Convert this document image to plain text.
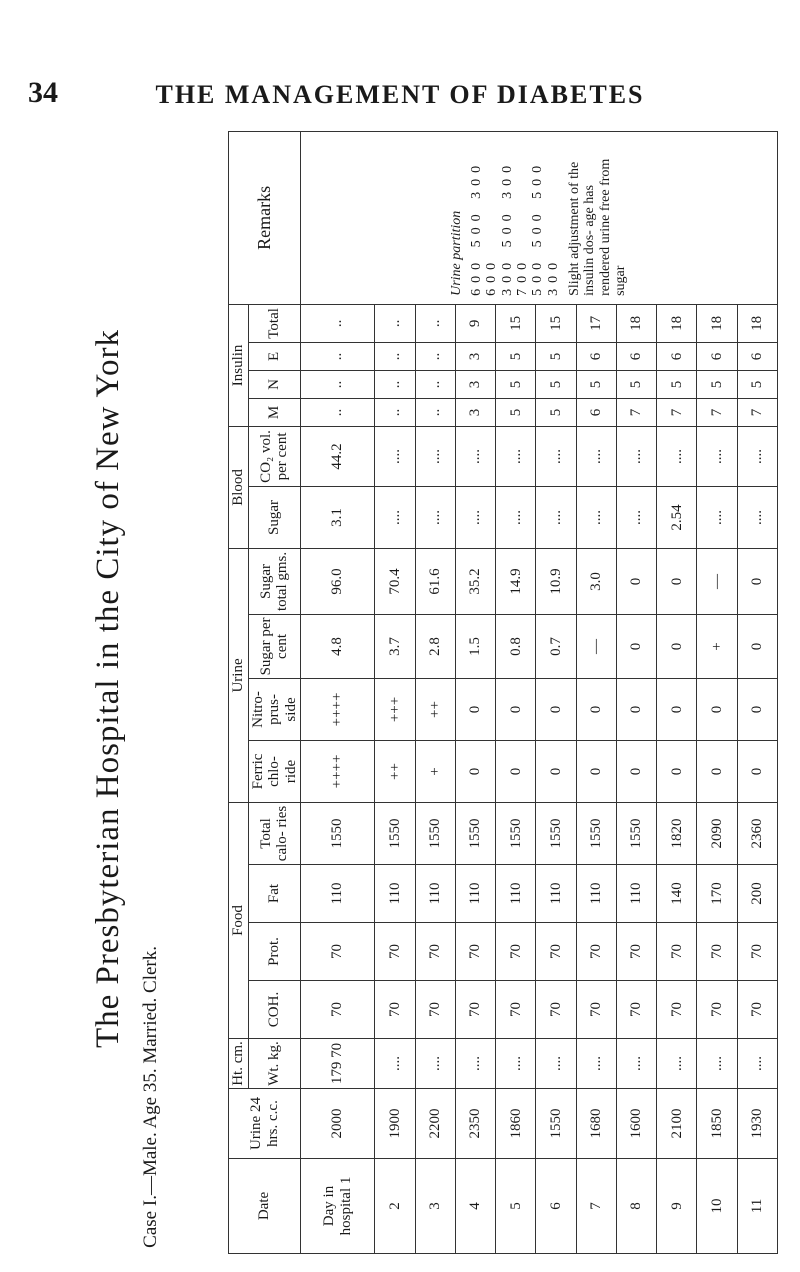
34	THE MANAGEMENT OF DIABETES
The Presbyterian Hospital in the City of New York
Case I.—Male. Age 35. Married. Clerk.	Date	Urine 24 hrs. c.c.	Ht. cm.	Food				Urine				Blood		Insulin				Remarks
		Wt. kg.	COH.	Prot.	Fat	Total calo- ries	Ferric chlo- ride	Nitro- prus- side	Sugar per cent	Sugar total gms.	Sugar	CO₂ vol. per cent	M	N	E	Total	
Day in hospital 1	2000	179 70	70	70	110	1550	++++	++++	4.8	96.0	3.1	44.2	..	..	..	..	Urine partition 600 500 300 600 300 500 300 700 500 500 500 300 Slight adjustment of the insulin dos- age has rendered urine free from sugar

2	1900	....	70	70	110	1550	++	+++	3.7	70.4	....	....	..	..	..	..	
3	2200	....	70	70	110	1550	+	++	2.8	61.6	....	....	..	..	..	..	
4	2350	....	70	70	110	1550	0	0	1.5	35.2	....	....	3	3	3	9	
5	1860	....	70	70	110	1550	0	0	0.8	14.9	....	....	5	5	5	15	
6	1550	....	70	70	110	1550	0	0	0.7	10.9	....	....	5	5	5	15	
7	1680	....	70	70	110	1550	0	0	—	3.0	....	....	6	5	6	17	
8	1600	....	70	70	110	1550	0	0	0	0	....	....	7	5	6	18	
9	2100	....	70	70	140	1820	0	0	0	0	2.54	....	7	5	6	18	
10	1850	....	70	70	170	2090	0	0	+	—	....	....	7	5	6	18	
11	1930	....	70	70	200	2360	0	0	0	0	....	....	7	5	6	18	
